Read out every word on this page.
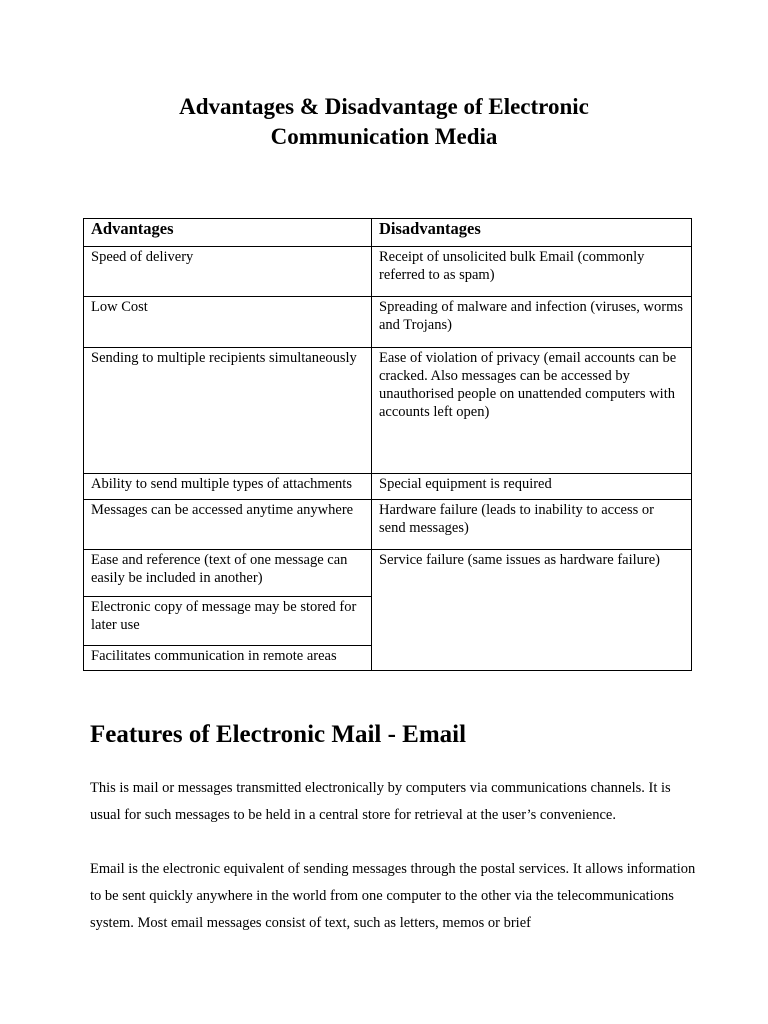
Advantages & Disadvantage of Electronic
Communication Media
Advantages	Disadvantages
Speed of delivery	Receipt of unsolicited bulk Email (commonly referred to as spam)
Low Cost	Spreading of malware and infection (viruses, worms and Trojans)
Sending to multiple recipients simultaneously	Ease of violation of privacy (email accounts can be cracked. Also messages can be accessed by unauthorised people on unattended computers with accounts left open)
Ability to send multiple types of attachments	Special equipment is required
Messages can be accessed anytime anywhere	Hardware failure (leads to inability to access or send messages)
Ease and reference (text of one message can easily be included in another)	Service failure (same issues as hardware failure)
Electronic copy of message may be stored for later use	
Facilitates communication in remote areas	
Features of Electronic Mail - Email

This is mail or messages transmitted electronically by computers via communications channels. It is usual for such messages to be held in a central store for retrieval at the user’s convenience.

Email is the electronic equivalent of sending messages through the postal services. It allows information to be sent quickly anywhere in the world from one computer to the other via the telecommunications system. Most email messages consist of text, such as letters, memos or brief
